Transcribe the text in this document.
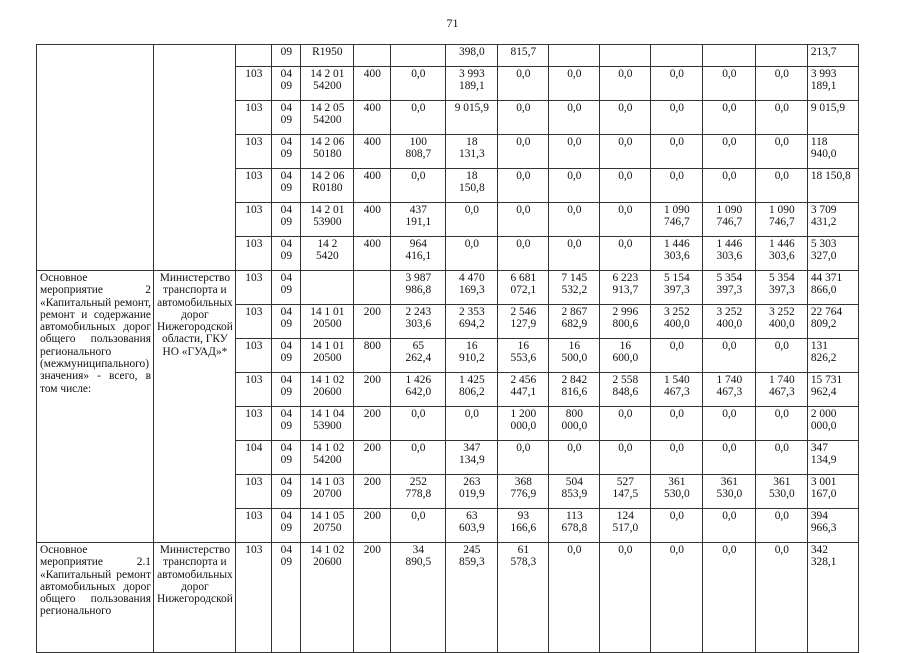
71

			09	R1950			398,0	815,7						213,7

		103	04
09	14 2 01
54200	400	0,0	3 993
189,1	0,0	0,0	0,0	0,0	0,0	0,0	3 993
189,1

		103	04
09	14 2 05
54200	400	0,0	9 015,9	0,0	0,0	0,0	0,0	0,0	0,0	9 015,9

		103	04
09	14 2 06
50180	400	100
808,7	18
131,3	0,0	0,0	0,0	0,0	0,0	0,0	118
940,0

		103	04
09	14 2 06
R0180	400	0,0	18
150,8	0,0	0,0	0,0	0,0	0,0	0,0	18 150,8

		103	04
09	14 2 01
53900	400	437
191,1	0,0	0,0	0,0	0,0	1 090
746,7	1 090
746,7	1 090
746,7	3 709
431,2

		103	04
09	14 2
5420	400	964
416,1	0,0	0,0	0,0	0,0	1 446
303,6	1 446
303,6	1 446
303,6	5 303
327,0

Основное мероприятие 2 «Капитальный ремонт, ремонт и содержание автомобильных дорог общего пользования регионального (межмуниципального) значения» - всего, в том числе:	Министерство транспорта и автомобильных дорог Нижегородской области, ГКУ НО «ГУАД»*	103	04
09			3 987
986,8	4 470
169,3	6 681
072,1	7 145
532,2	6 223
913,7	5 154
397,3	5 354
397,3	5 354
397,3	44 371
866,0

		103	04
09	14 1 01
20500	200	2 243
303,6	2 353
694,2	2 546
127,9	2 867
682,9	2 996
800,6	3 252
400,0	3 252
400,0	3 252
400,0	22 764
809,2

		103	04
09	14 1 01
20500	800	65
262,4	16
910,2	16
553,6	16
500,0	16
600,0	0,0	0,0	0,0	131
826,2

		103	04
09	14 1 02
20600	200	1 426
642,0	1 425
806,2	2 456
447,1	2 842
816,6	2 558
848,6	1 540
467,3	1 740
467,3	1 740
467,3	15 731
962,4

		103	04
09	14 1 04
53900	200	0,0	0,0	1 200
000,0	800
000,0	0,0	0,0	0,0	0,0	2 000
000,0

		104	04
09	14 1 02
54200	200	0,0	347
134,9	0,0	0,0	0,0	0,0	0,0	0,0	347
134,9

		103	04
09	14 1 03
20700	200	252
778,8	263
019,9	368
776,9	504
853,9	527
147,5	361
530,0	361
530,0	361
530,0	3 001
167,0

		103	04
09	14 1 05
20750	200	0,0	63
603,9	93
166,6	113
678,8	124
517,0	0,0	0,0	0,0	394
966,3

Основное мероприятие 2.1 «Капитальный ремонт автомобильных дорог общего пользования регионального	Министерство транспорта и автомобильных дорог Нижегородской	103	04
09	14 1 02
20600	200	34
890,5	245
859,3	61
578,3	0,0	0,0	0,0	0,0	0,0	342
328,1
